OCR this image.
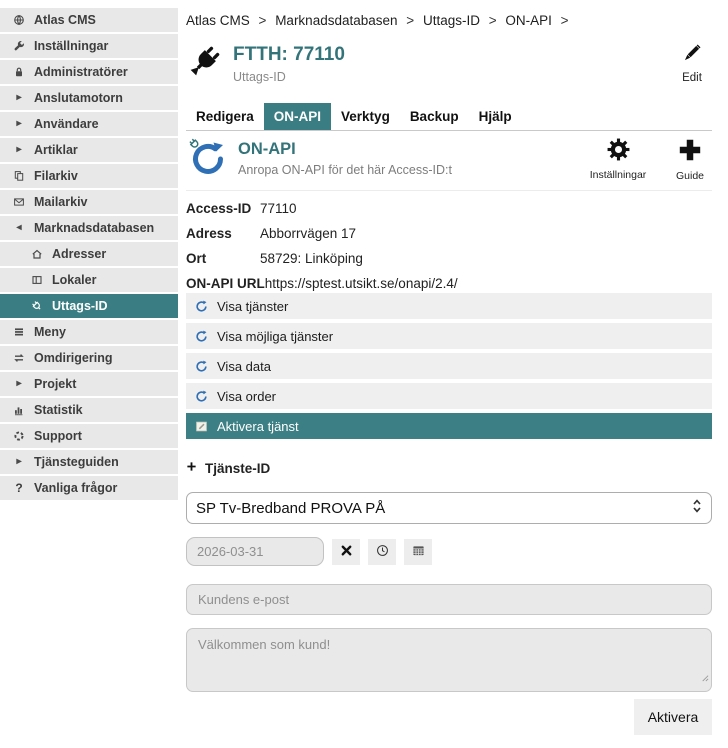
Atlas CMS
Inställningar
Administratörer
▸ Anslutamotorn
▸ Användare
▸ Artiklar
Filarkiv
Mailarkiv
◂ Marknadsdatabasen
Adresser
Lokaler
Uttags-ID
Meny
Omdirigering
▸ Projekt
Statistik
Support
▸ Tjänsteguiden
? Vanliga frågor
Atlas CMS > Marknadsdatabasen > Uttags-ID > ON-API >
FTTH: 77110
Uttags-ID	Edit
Redigera	ON-API	Verktyg	Backup	Hjälp
ON-API
Anropa ON-API för det här Access-ID:t	Inställningar	Guide
Access-ID 77110
Adress	Abborrvägen 17
Ort	58729: Linköping
ON-API URL https://sptest.utsikt.se/onapi/2.4/
Visa tjänster
Visa möjliga tjänster
Visa data
Visa order
Aktivera tjänst
Tjänste-ID
SP Tv-Bredband PROVA PÅ
2026-03-31
Kundens e-post
Välkommen som kund!
Aktivera
